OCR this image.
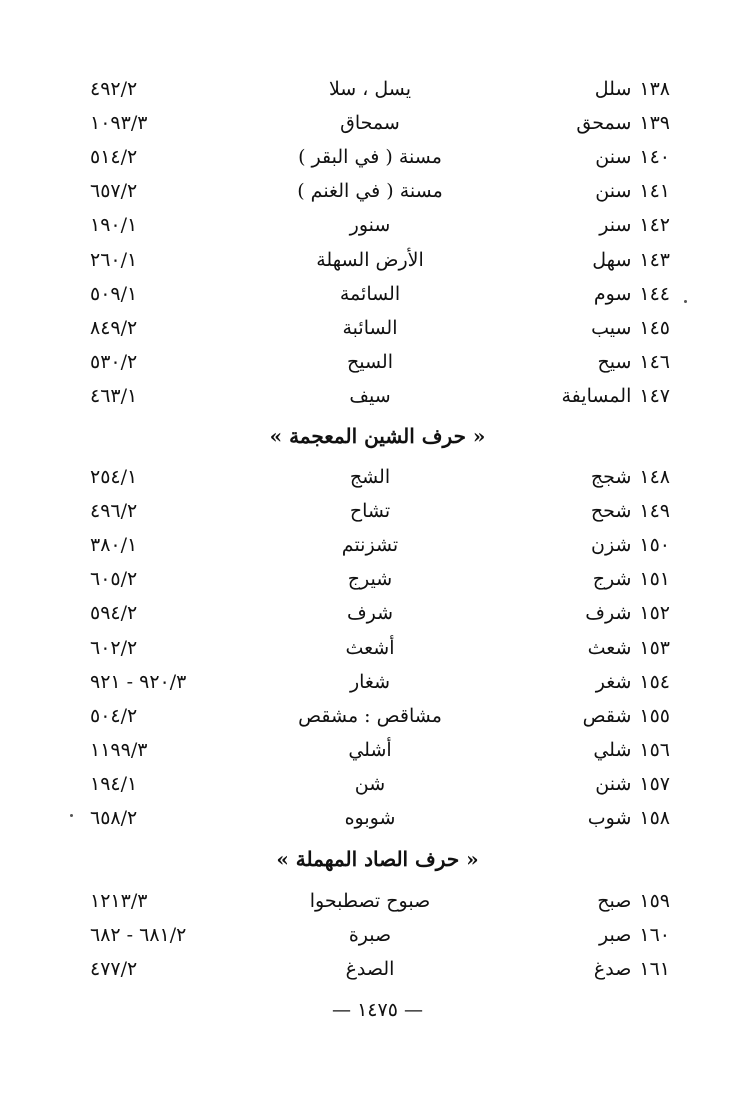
١٣٨سلل
يسل ، سلا
٤٩٢/٢
١٣٩سمحق
سمحاق
١٠٩٣/٣
١٤٠سنن
مسنة ( في البقر )
٥١٤/٢
١٤١سنن
مسنة ( في الغنم )
٦٥٧/٢
١٤٢سنر
سنور
١٩٠/١
١٤٣سهل
الأرض السهلة
٢٦٠/١
١٤٤سوم
السائمة
٥٠٩/١
١٤٥سيب
السائبة
٨٤٩/٢
١٤٦سيح
السيح
٥٣٠/٢
١٤٧المسايفة
سيف
٤٦٣/١
« حرف الشين المعجمة »
١٤٨شجج
الشج
٢٥٤/١
١٤٩شحح
تشاح
٤٩٦/٢
١٥٠شزن
تشزنتم
٣٨٠/١
١٥١شرج
شيرج
٦٠٥/٢
١٥٢شرف
شرف
٥٩٤/٢
١٥٣شعث
أشعث
٦٠٢/٢
١٥٤شغر
شغار
٩٢٠/٣ - ٩٢١
١٥٥شقص
مشاقص : مشقص
٥٠٤/٢
١٥٦شلي
أشلي
١١٩٩/٣
١٥٧شنن
شن
١٩٤/١
١٥٨شوب
شوبوه
٦٥٨/٢
« حرف الصاد المهملة »
١٥٩صبح
صبوح تصطبحوا
١٢١٣/٣
١٦٠صبر
صبرة
٦٨١/٢ - ٦٨٢
١٦١صدغ
الصدغ
٤٧٧/٢
— ١٤٧٥ —
